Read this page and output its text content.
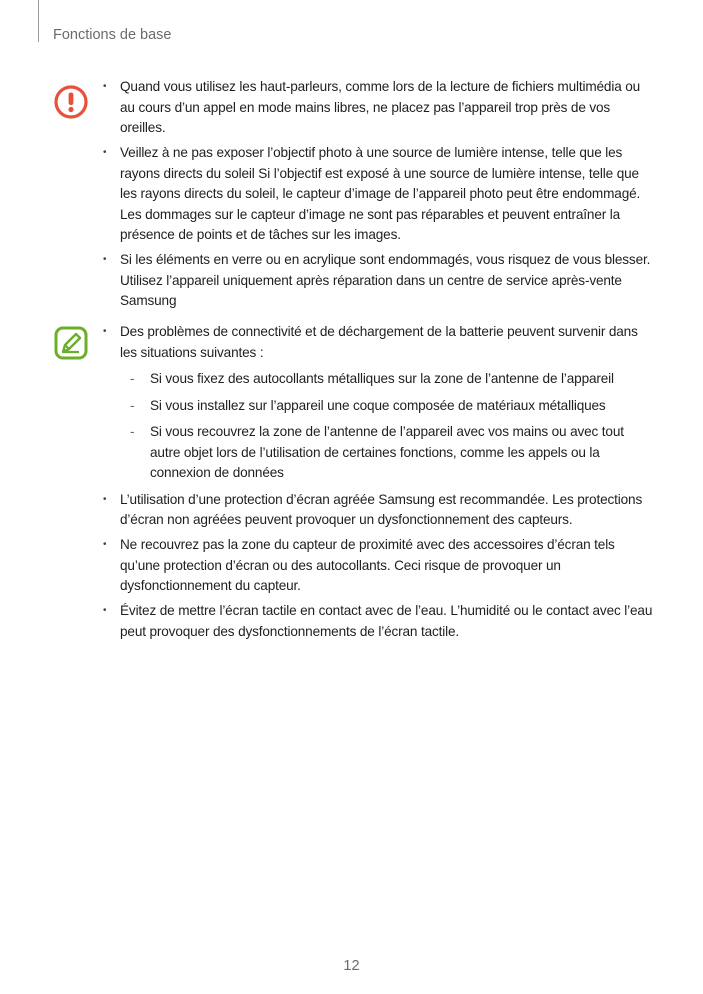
Fonctions de base
• Quand vous utilisez les haut-parleurs, comme lors de la lecture de fichiers multimédia ou au cours d’un appel en mode mains libres, ne placez pas l’appareil trop près de vos oreilles.
• Veillez à ne pas exposer l’objectif photo à une source de lumière intense, telle que les rayons directs du soleil Si l’objectif est exposé à une source de lumière intense, telle que les rayons directs du soleil, le capteur d’image de l’appareil photo peut être endommagé. Les dommages sur le capteur d’image ne sont pas réparables et peuvent entraîner la présence de points et de tâches sur les images.
• Si les éléments en verre ou en acrylique sont endommagés, vous risquez de vous blesser. Utilisez l’appareil uniquement après réparation dans un centre de service après-vente Samsung
• Des problèmes de connectivité et de déchargement de la batterie peuvent survenir dans les situations suivantes :
- Si vous fixez des autocollants métalliques sur la zone de l’antenne de l’appareil
- Si vous installez sur l’appareil une coque composée de matériaux métalliques
- Si vous recouvrez la zone de l’antenne de l’appareil avec vos mains ou avec tout autre objet lors de l’utilisation de certaines fonctions, comme les appels ou la connexion de données
• L’utilisation d’une protection d’écran agréée Samsung est recommandée. Les protections d’écran non agréées peuvent provoquer un dysfonctionnement des capteurs.
• Ne recouvrez pas la zone du capteur de proximité avec des accessoires d’écran tels qu’une protection d’écran ou des autocollants. Ceci risque de provoquer un dysfonctionnement du capteur.
• Évitez de mettre l’écran tactile en contact avec de l’eau. L’humidité ou le contact avec l’eau peut provoquer des dysfonctionnements de l’écran tactile.
12
